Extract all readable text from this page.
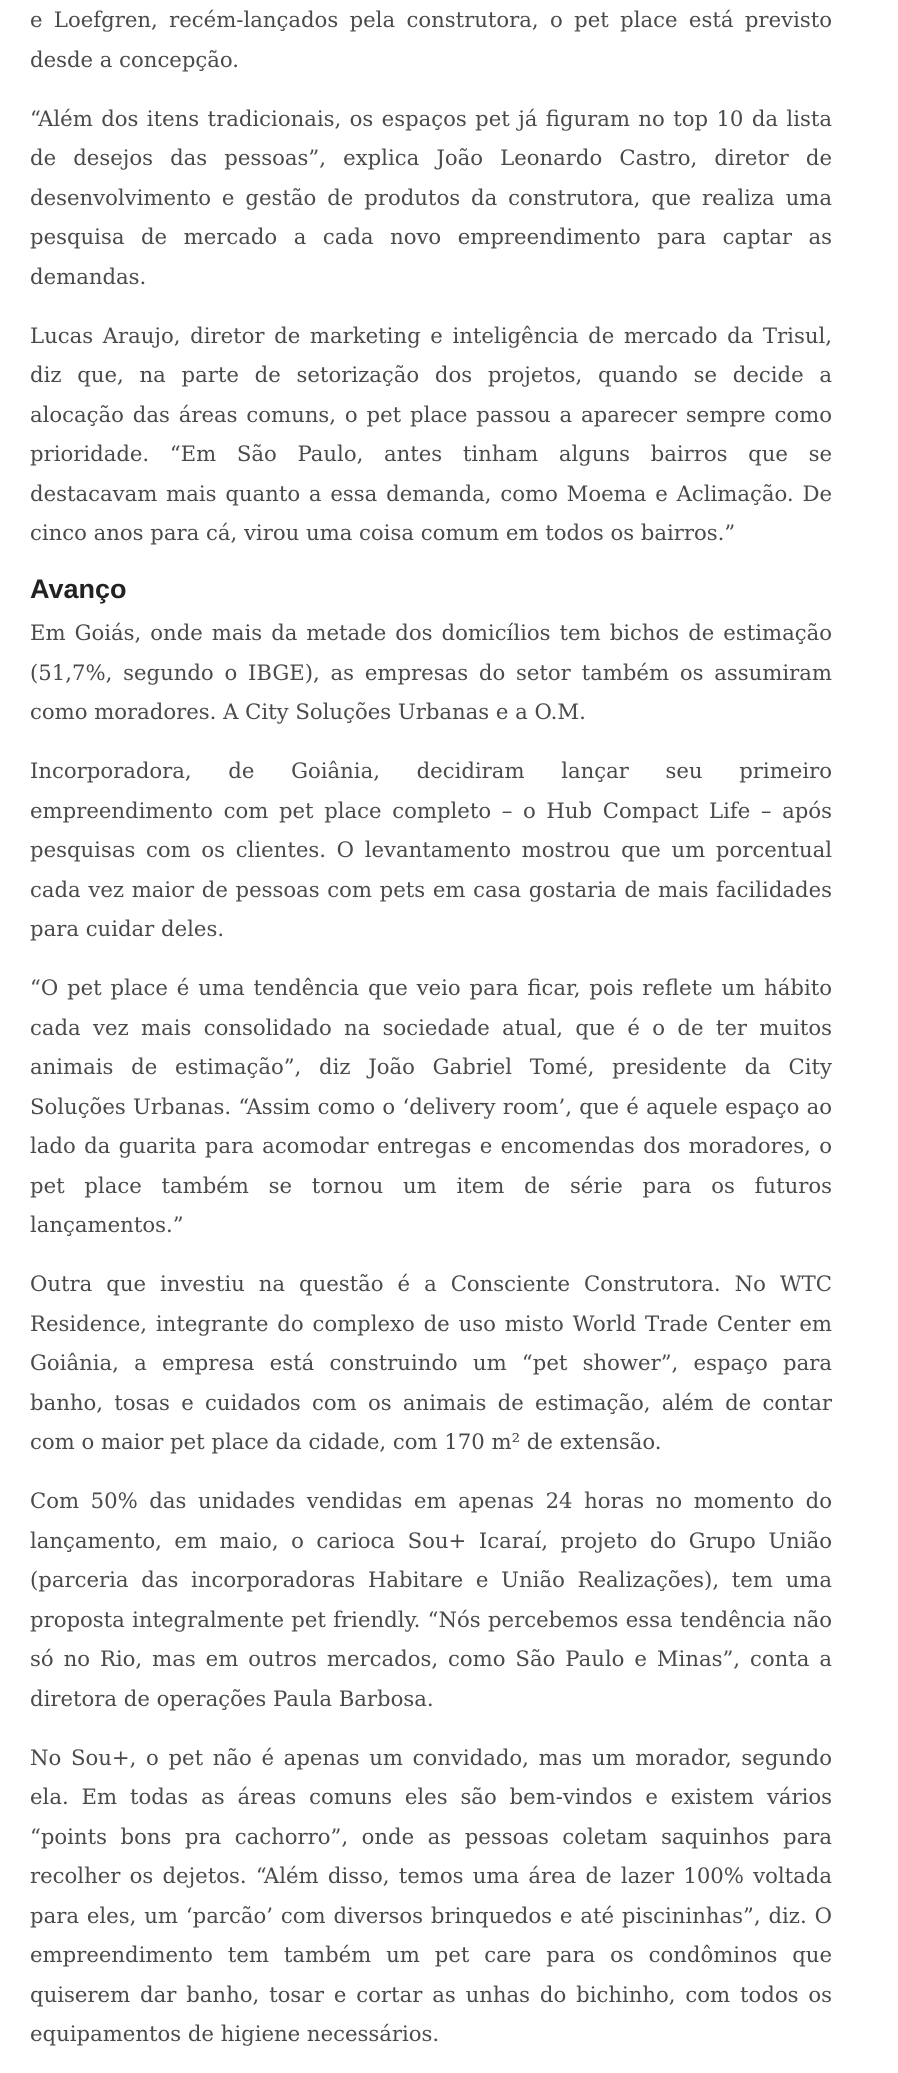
e Loefgren, recém-lançados pela construtora, o pet place está previsto desde a concepção.

“Além dos itens tradicionais, os espaços pet já figuram no top 10 da lista de desejos das pessoas”, explica João Leonardo Castro, diretor de desenvolvimento e gestão de produtos da construtora, que realiza uma pesquisa de mercado a cada novo empreendimento para captar as demandas.

Lucas Araujo, diretor de marketing e inteligência de mercado da Trisul, diz que, na parte de setorização dos projetos, quando se decide a alocação das áreas comuns, o pet place passou a aparecer sempre como prioridade. “Em São Paulo, antes tinham alguns bairros que se destacavam mais quanto a essa demanda, como Moema e Aclimação. De cinco anos para cá, virou uma coisa comum em todos os bairros.”

Avanço

Em Goiás, onde mais da metade dos domicílios tem bichos de estimação (51,7%, segundo o IBGE), as empresas do setor também os assumiram como moradores. A City Soluções Urbanas e a O.M.

Incorporadora, de Goiânia, decidiram lançar seu primeiro empreendimento com pet place completo – o Hub Compact Life – após pesquisas com os clientes. O levantamento mostrou que um porcentual cada vez maior de pessoas com pets em casa gostaria de mais facilidades para cuidar deles.

“O pet place é uma tendência que veio para ficar, pois reflete um hábito cada vez mais consolidado na sociedade atual, que é o de ter muitos animais de estimação”, diz João Gabriel Tomé, presidente da City Soluções Urbanas. “Assim como o ‘delivery room’, que é aquele espaço ao lado da guarita para acomodar entregas e encomendas dos moradores, o pet place também se tornou um item de série para os futuros lançamentos.”

Outra que investiu na questão é a Consciente Construtora. No WTC Residence, integrante do complexo de uso misto World Trade Center em Goiânia, a empresa está construindo um “pet shower”, espaço para banho, tosas e cuidados com os animais de estimação, além de contar com o maior pet place da cidade, com 170 m² de extensão.

Com 50% das unidades vendidas em apenas 24 horas no momento do lançamento, em maio, o carioca Sou+ Icaraí, projeto do Grupo União (parceria das incorporadoras Habitare e União Realizações), tem uma proposta integralmente pet friendly. “Nós percebemos essa tendência não só no Rio, mas em outros mercados, como São Paulo e Minas”, conta a diretora de operações Paula Barbosa.

No Sou+, o pet não é apenas um convidado, mas um morador, segundo ela. Em todas as áreas comuns eles são bem-vindos e existem vários “points bons pra cachorro”, onde as pessoas coletam saquinhos para recolher os dejetos. “Além disso, temos uma área de lazer 100% voltada para eles, um ‘parcão’ com diversos brinquedos e até piscininhas”, diz. O empreendimento tem também um pet care para os condôminos que quiserem dar banho, tosar e cortar as unhas do bichinho, com todos os equipamentos de higiene necessários.
